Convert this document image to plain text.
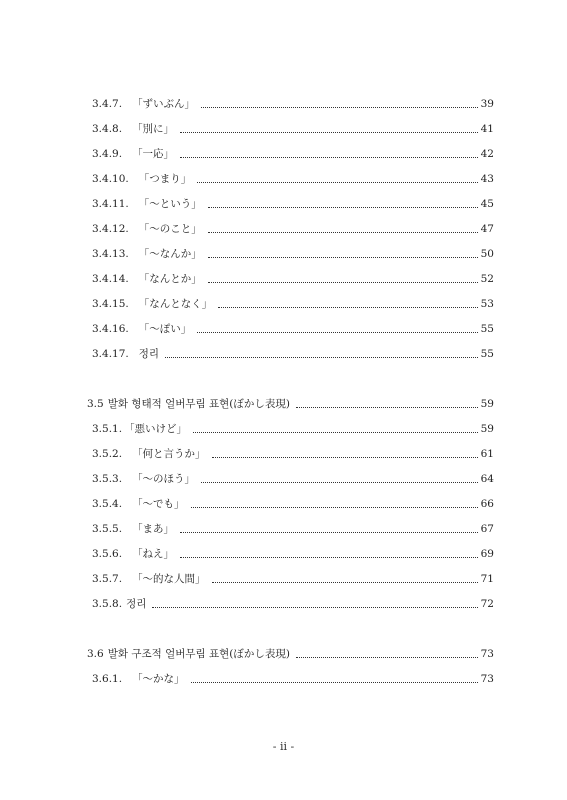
3.4.7. 「ずいぶん」	39
3.4.8. 「別に」	41
3.4.9. 「一応」	42
3.4.10. 「つまり」	43
3.4.11. 「～という」	45
3.4.12. 「～のこと」	47
3.4.13. 「～なんか」	50
3.4.14. 「なんとか」	52
3.4.15. 「なんとなく」	53
3.4.16. 「～ぽい」	55
3.4.17. 정리	55
3.5 발화 형태적 얼버무림 표현(ぼかし表現)	59
3.5.1. 「悪いけど」	59
3.5.2. 「何と言うか」	61
3.5.3. 「～のほう」	64
3.5.4. 「～でも」	66
3.5.5. 「まあ」	67
3.5.6. 「ねえ」	69
3.5.7. 「～的な人間」	71
3.5.8. 정리	72
3.6 발화 구조적 얼버무림 표현(ぼかし表現)	73
3.6.1. 「～かな」	73
- ii -
